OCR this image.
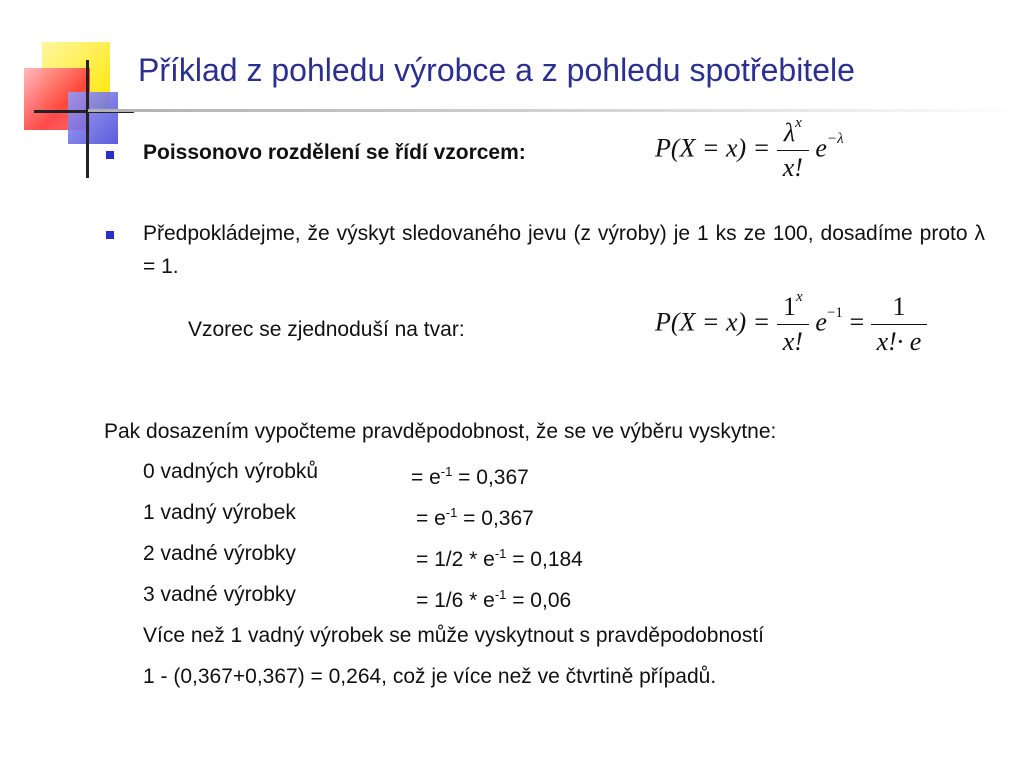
Příklad z pohledu výrobce a z pohledu spotřebitele
Poissonovo rozdělení se řídí vzorcem:	$P(X = x) = \frac{\lambda^x}{x!} e^{-\lambda}$
Předpokládejme, že výskyt sledovaného jevu (z výroby) je 1 ks ze 100, dosadíme proto λ = 1.
Vzorec se zjednoduší na tvar:	$P(X = x) = \frac{1^x}{x!} e^{-1} = \frac{1}{x!\cdot e}$
Pak dosazením vypočteme pravděpodobnost, že se ve výběru vyskytne:
0 vadných výrobků	= $e^{-1} = 0,367$
1 vadný výrobek	= $e^{-1} = 0,367$
2 vadné výrobky	= $1/2 * e^{-1} = 0,184$
3 vadné výrobky	= $1/6 * e^{-1} = 0,06$
Více než 1 vadný výrobek se může vyskytnout s pravděpodobností
1 - (0,367+0,367) = 0,264, což je více než ve čtvrtině případů.
